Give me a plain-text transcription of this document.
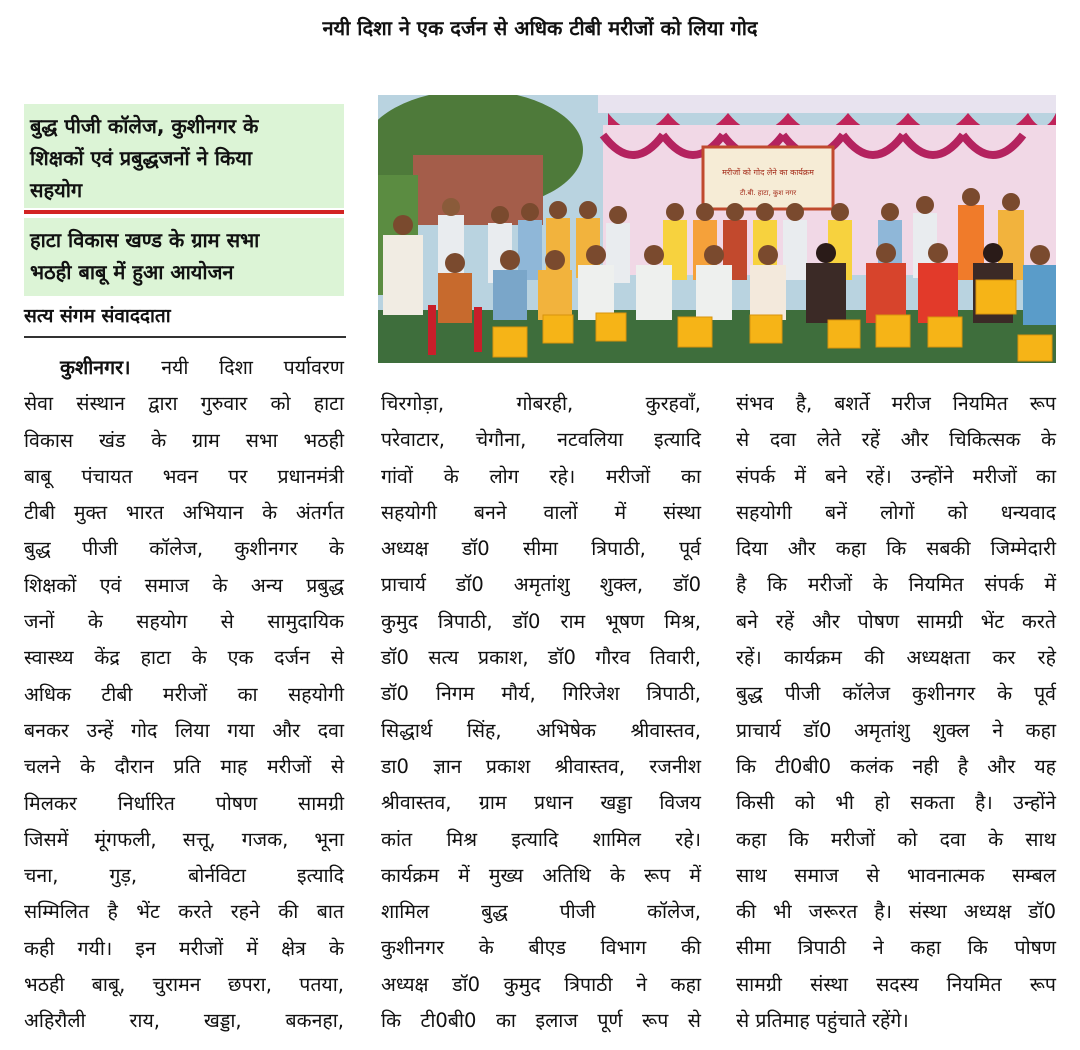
नयी दिशा ने एक दर्जन से अधिक टीबी मरीजों को लिया गोद
बुद्ध पीजी कॉलेज, कुशीनगर के
शिक्षकों एवं प्रबुद्धजनों ने किया
सहयोग
हाटा विकास खण्ड के ग्राम सभा
भठही बाबू में हुआ आयोजन
सत्य संगम संवाददाता
मरीजों को गोद लेने का कार्यक्रम
टी.बी. हाटा, कुश नगर
कुशीनगर। नयी दिशा पर्यावरण
सेवा संस्थान द्वारा गुरुवार को हाटा
विकास खंड के ग्राम सभा भठही
बाबू पंचायत भवन पर प्रधानमंत्री
टीबी मुक्त भारत अभियान के अंतर्गत
बुद्ध पीजी कॉलेज, कुशीनगर के
शिक्षकों एवं समाज के अन्य प्रबुद्ध
जनों के सहयोग से सामुदायिक
स्वास्थ्य केंद्र हाटा के एक दर्जन से
अधिक टीबी मरीजों का सहयोगी
बनकर उन्हें गोद लिया गया और दवा
चलने के दौरान प्रति माह मरीजों से
मिलकर निर्धारित पोषण सामग्री
जिसमें मूंगफली, सत्तू, गजक, भूना
चना, गुड़, बोर्नविटा इत्यादि
सम्मिलित है भेंट करते रहने की बात
कही गयी। इन मरीजों में क्षेत्र के
भठही बाबू, चुरामन छपरा, पतया,
अहिरौली राय, खड्डा, बकनहा,
चिरगोड़ा, गोबरही, कुरहवाँ,
परेवाटार, चेगौना, नटवलिया इत्यादि
गांवों के लोग रहे। मरीजों का
सहयोगी बनने वालों में संस्था
अध्यक्ष डॉ0 सीमा त्रिपाठी, पूर्व
प्राचार्य डॉ0 अमृतांशु शुक्ल, डॉ0
कुमुद त्रिपाठी, डॉ0 राम भूषण मिश्र,
डॉ0 सत्य प्रकाश, डॉ0 गौरव तिवारी,
डॉ0 निगम मौर्य, गिरिजेश त्रिपाठी,
सिद्धार्थ सिंह, अभिषेक श्रीवास्तव,
डा0 ज्ञान प्रकाश श्रीवास्तव, रजनीश
श्रीवास्तव, ग्राम प्रधान खड्डा विजय
कांत मिश्र इत्यादि शामिल रहे।
कार्यक्रम में मुख्य अतिथि के रूप में
शामिल बुद्ध पीजी कॉलेज,
कुशीनगर के बीएड विभाग की
अध्यक्ष डॉ0 कुमुद त्रिपाठी ने कहा
कि टी0बी0 का इलाज पूर्ण रूप से
संभव है, बशर्ते मरीज नियमित रूप
से दवा लेते रहें और चिकित्सक के
संपर्क में बने रहें। उन्होंने मरीजों का
सहयोगी बनें लोगों को धन्यवाद
दिया और कहा कि सबकी जिम्मेदारी
है कि मरीजों के नियमित संपर्क में
बने रहें और पोषण सामग्री भेंट करते
रहें। कार्यक्रम की अध्यक्षता कर रहे
बुद्ध पीजी कॉलेज कुशीनगर के पूर्व
प्राचार्य डॉ0 अमृतांशु शुक्ल ने कहा
कि टी0बी0 कलंक नही है और यह
किसी को भी हो सकता है। उन्होंने
कहा कि मरीजों को दवा के साथ
साथ समाज से भावनात्मक सम्बल
की भी जरूरत है। संस्था अध्यक्ष डॉ0
सीमा त्रिपाठी ने कहा कि पोषण
सामग्री संस्था सदस्य नियमित रूप
से प्रतिमाह पहुंचाते रहेंगे।
